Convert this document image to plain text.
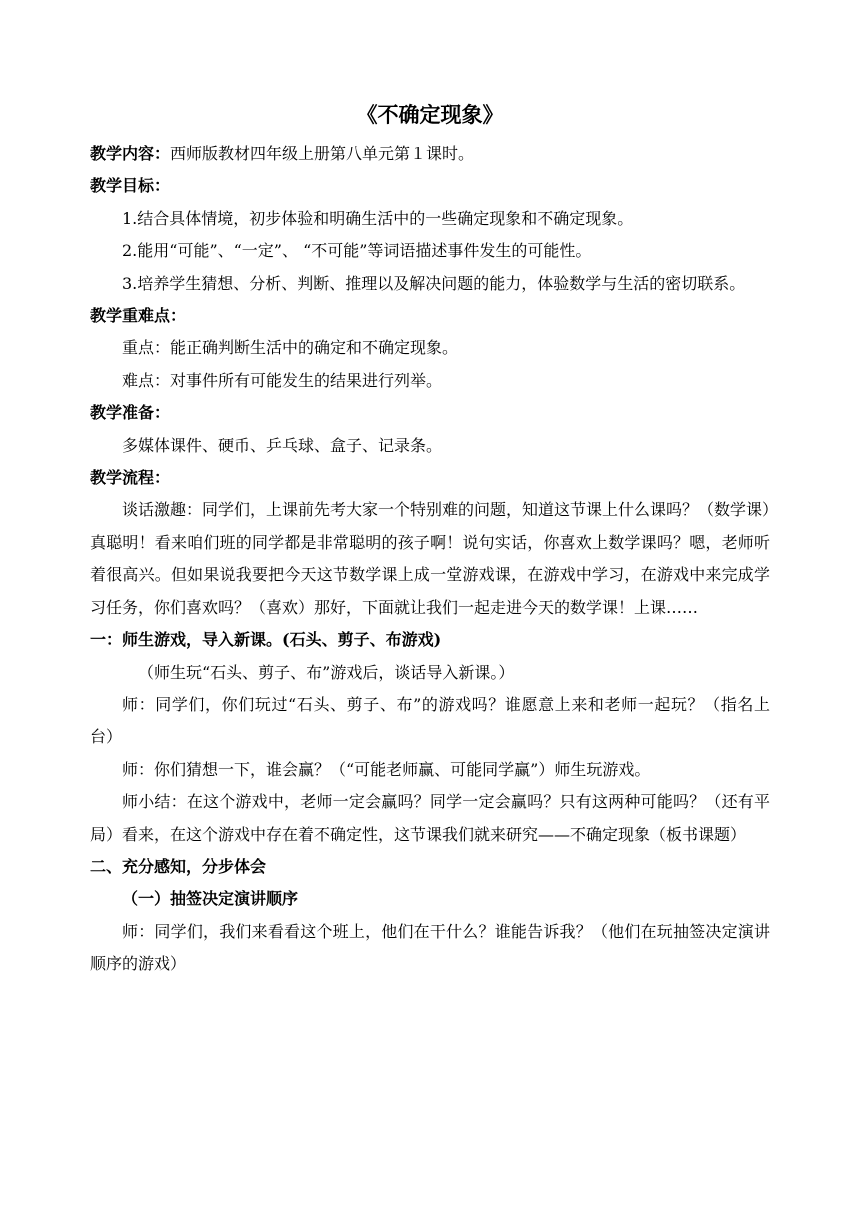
《不确定现象》

教学内容：西师版教材四年级上册第八单元第１课时。

教学目标：

1.结合具体情境，初步体验和明确生活中的一些确定现象和不确定现象。

2.能用“可能”、“一定”、 “不可能”等词语描述事件发生的可能性。

3.培养学生猜想、分析、判断、推理以及解决问题的能力，体验数学与生活的密切联系。

教学重难点：

重点：能正确判断生活中的确定和不确定现象。

难点：对事件所有可能发生的结果进行列举。

教学准备：

多媒体课件、硬币、乒乓球、盒子、记录条。

教学流程：

谈话激趣：同学们，上课前先考大家一个特别难的问题，知道这节课上什么课吗？（数学课）真聪明！看来咱们班的同学都是非常聪明的孩子啊！说句实话，你喜欢上数学课吗？嗯，老师听着很高兴。但如果说我要把今天这节数学课上成一堂游戏课，在游戏中学习，在游戏中来完成学习任务，你们喜欢吗？（喜欢）那好，下面就让我们一起走进今天的数学课！上课……

一：师生游戏，导入新课。(石头、剪子、布游戏)

（师生玩“石头、剪子、布”游戏后，谈话导入新课。）

师：同学们，你们玩过“石头、剪子、布”的游戏吗？谁愿意上来和老师一起玩？（指名上台）

师：你们猜想一下，谁会赢？（“可能老师赢、可能同学赢”）师生玩游戏。

师小结：在这个游戏中，老师一定会赢吗？同学一定会赢吗？只有这两种可能吗？（还有平局）看来，在这个游戏中存在着不确定性，这节课我们就来研究——不确定现象（板书课题）

二、充分感知，分步体会

（一）抽签决定演讲顺序

师：同学们，我们来看看这个班上，他们在干什么？谁能告诉我？（他们在玩抽签决定演讲顺序的游戏）
